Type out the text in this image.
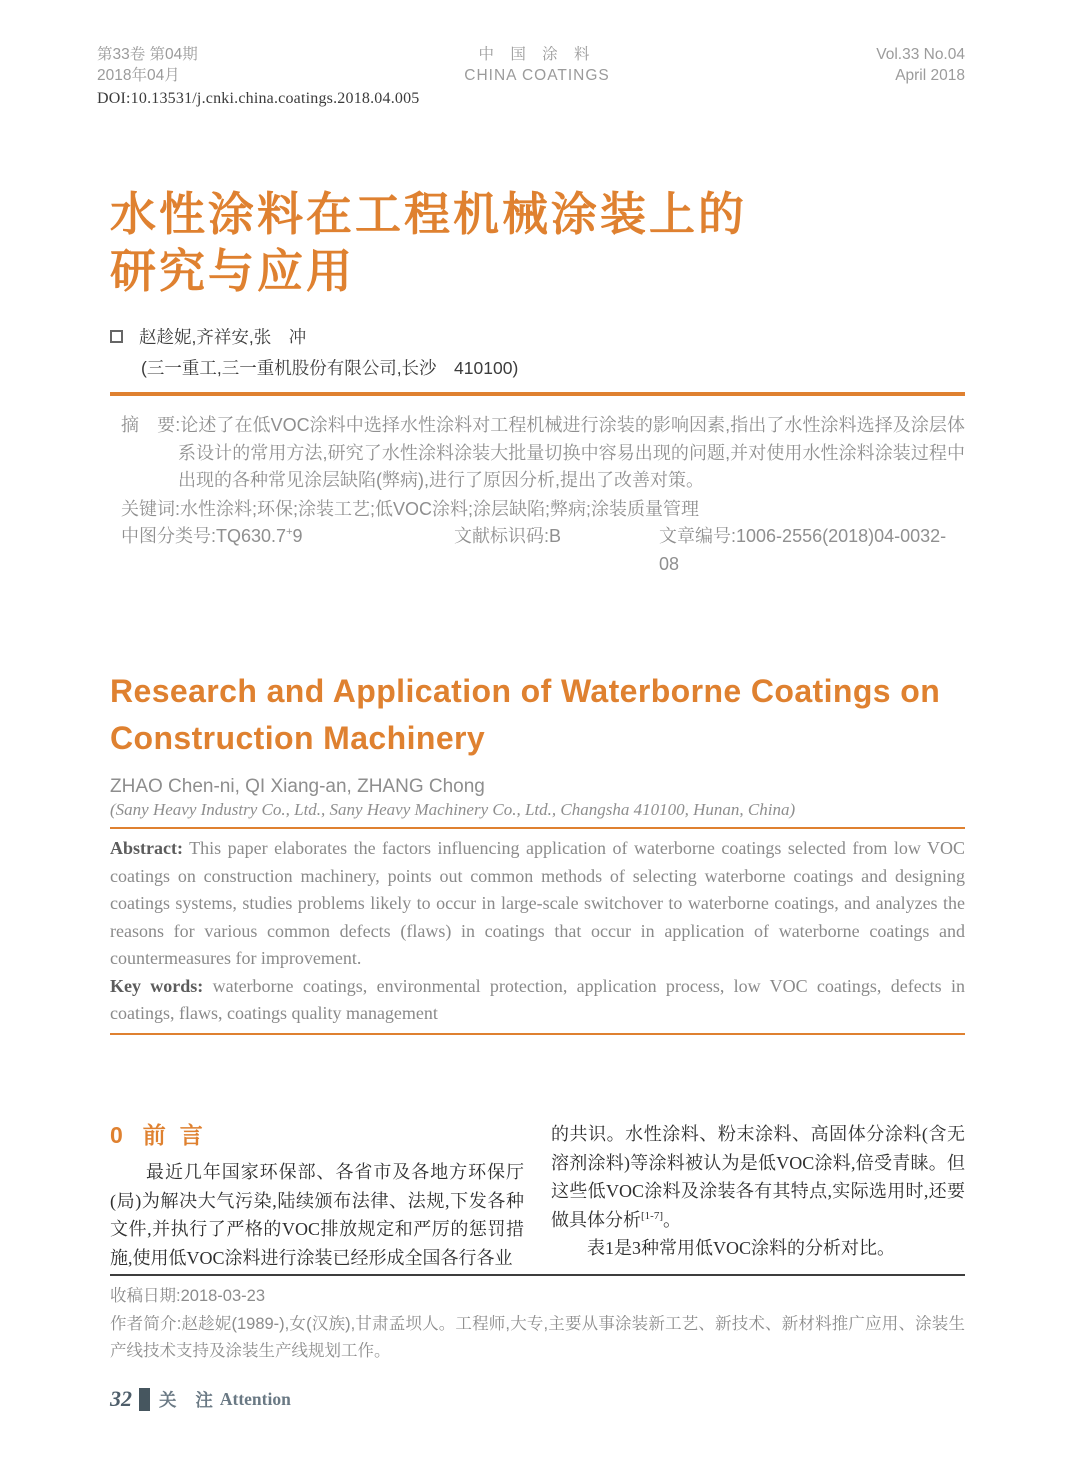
第33卷 第04期
2018年04月
中 国 涂 料
CHINA COATINGS
Vol.33 No.04
April 2018
DOI:10.13531/j.cnki.china.coatings.2018.04.005
水性涂料在工程机械涂装上的
研究与应用
赵趁妮,齐祥安,张　冲
(三一重工,三一重机股份有限公司,长沙　410100)
摘　要:论述了在低VOC涂料中选择水性涂料对工程机械进行涂装的影响因素,指出了水性涂料选择及涂层体系设计的常用方法,研究了水性涂料涂装大批量切换中容易出现的问题,并对使用水性涂料涂装过程中出现的各种常见涂层缺陷(弊病),进行了原因分析,提出了改善对策。
关键词:水性涂料;环保;涂装工艺;低VOC涂料;涂层缺陷;弊病;涂装质量管理
中图分类号:TQ630.7+9	文献标识码:B	文章编号:1006-2556(2018)04-0032-08
Research and Application of Waterborne Coatings on
Construction Machinery
ZHAO Chen-ni, QI Xiang-an, ZHANG Chong
(Sany Heavy Industry Co., Ltd., Sany Heavy Machinery Co., Ltd., Changsha 410100, Hunan, China)
Abstract: This paper elaborates the factors influencing application of waterborne coatings selected from low VOC coatings on construction machinery, points out common methods of selecting waterborne coatings and designing coatings systems, studies problems likely to occur in large-scale switchover to waterborne coatings, and analyzes the reasons for various common defects (flaws) in coatings that occur in application of waterborne coatings and countermeasures for improvement.
Key words: waterborne coatings, environmental protection, application process, low VOC coatings, defects in coatings, flaws, coatings quality management
0 前言

最近几年国家环保部、各省市及各地方环保厅(局)为解决大气污染,陆续颁布法律、法规,下发各种文件,并执行了严格的VOC排放规定和严厉的惩罚措施,使用低VOC涂料进行涂装已经形成全国各行各业

的共识。水性涂料、粉末涂料、高固体分涂料(含无溶剂涂料)等涂料被认为是低VOC涂料,倍受青睐。但这些低VOC涂料及涂装各有其特点,实际选用时,还要做具体分析[1-7]。

表1是3种常用低VOC涂料的分析对比。

收稿日期:2018-03-23
作者简介:赵趁妮(1989-),女(汉族),甘肃孟坝人。工程师,大专,主要从事涂装新工艺、新技术、新材料推广应用、涂装生产线技术支持及涂装生产线规划工作。
32 关 注 Attention
